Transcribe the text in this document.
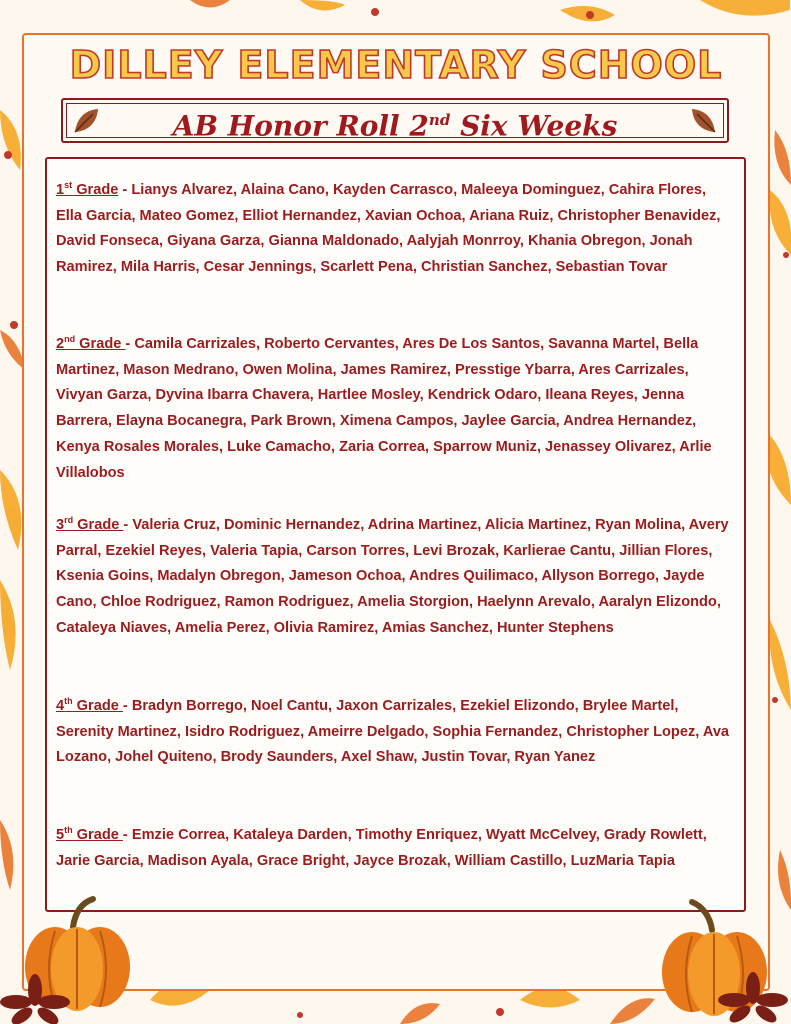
DILLEY ELEMENTARY SCHOOL
AB Honor Roll 2nd Six Weeks
1st Grade - Lianys Alvarez, Alaina Cano, Kayden Carrasco, Maleeya Dominguez, Cahira Flores, Ella Garcia, Mateo Gomez, Elliot Hernandez, Xavian Ochoa, Ariana Ruiz, Christopher Benavidez, David Fonseca, Giyana Garza, Gianna Maldonado, Aalyjah Monrroy, Khania Obregon, Jonah Ramirez, Mila Harris, Cesar Jennings, Scarlett Pena, Christian Sanchez, Sebastian Tovar
2nd Grade - Camila Carrizales, Roberto Cervantes, Ares De Los Santos, Savanna Martel, Bella Martinez, Mason Medrano, Owen Molina, James Ramirez, Presstige Ybarra, Ares Carrizales, Vivyan Garza, Dyvina Ibarra Chavera, Hartlee Mosley, Kendrick Odaro, Ileana Reyes, Jenna Barrera, Elayna Bocanegra, Park Brown, Ximena Campos, Jaylee Garcia, Andrea Hernandez, Kenya Rosales Morales, Luke Camacho, Zaria Correa, Sparrow Muniz, Jenassey Olivarez, Arlie Villalobos
3rd Grade - Valeria Cruz, Dominic Hernandez, Adrina Martinez, Alicia Martinez, Ryan Molina, Avery Parral, Ezekiel Reyes, Valeria Tapia, Carson Torres, Levi Brozak, Karlierae Cantu, Jillian Flores, Ksenia Goins, Madalyn Obregon, Jameson Ochoa, Andres Quilimaco, Allyson Borrego, Jayde Cano, Chloe Rodriguez, Ramon Rodriguez, Amelia Storgion, Haelynn Arevalo, Aaralyn Elizondo, Cataleya Niaves, Amelia Perez, Olivia Ramirez, Amias Sanchez, Hunter Stephens
4th Grade - Bradyn Borrego, Noel Cantu, Jaxon Carrizales, Ezekiel Elizondo, Brylee Martel, Serenity Martinez, Isidro Rodriguez, Ameirre Delgado, Sophia Fernandez, Christopher Lopez, Ava Lozano, Johel Quiteno, Brody Saunders, Axel Shaw, Justin Tovar, Ryan Yanez
5th Grade - Emzie Correa, Kataleya Darden, Timothy Enriquez, Wyatt McCelvey, Grady Rowlett, Jarie Garcia, Madison Ayala, Grace Bright, Jayce Brozak, William Castillo, LuzMaria Tapia
